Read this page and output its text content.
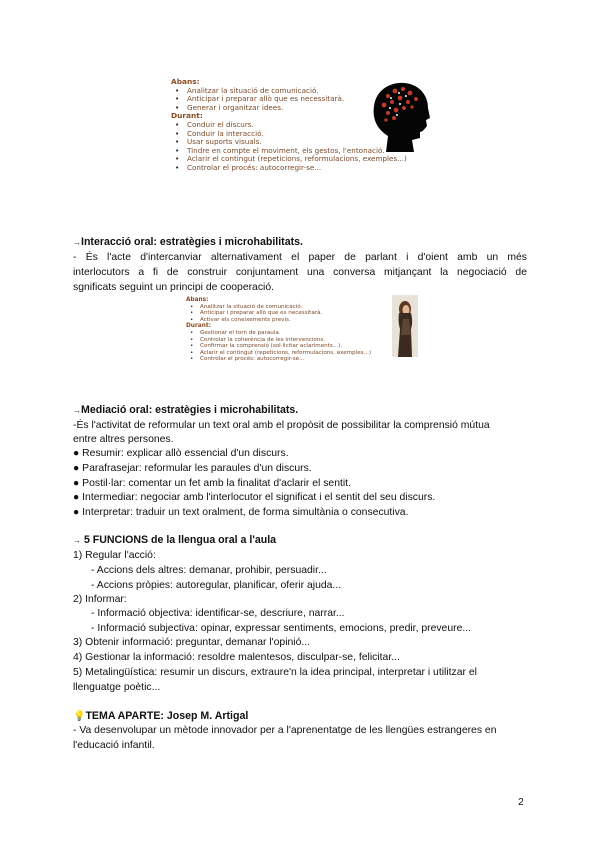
Abans:
• Analitzar la situació de comunicació.
• Anticipar i preparar allò que es necessitarà.
• Generar i organitzar idees.
Durant:
• Conduir el discurs.
• Conduir la interacció.
• Usar suports visuals.
• Tindre en compte el moviment, els gestos, l'entonació.
• Aclarir el contingut (repeticions, reformulacions, exemples...)
• Controlar el procés: autocorregir-se...
→Interacció oral: estratègies i microhabilitats.
- És l'acte d'intercanviar alternativament el paper de parlant i d'oient amb un més
interlocutors a fi de construir conjuntament una conversa mitjançant la negociació de
sgnificats seguint un principi de cooperació.
Abans:
• Analitzar la situació de comunicació.
• Anticipar i preparar allò que es necessitarà.
• Activar els coneixements previs.
Durant:
• Gestionar el torn de paraula.
• Controlar la coherència de les intervencions.
• Confirmar la comprensió (sol·licitar aclariments...).
• Aclarir el contingut (repeticions, reformulacions, exemples...)
• Controlar el procés: autocorregir-se...
→Mediació oral: estratègies i microhabilitats.
-És l'activitat de reformular un text oral amb el propòsit de possibilitar la comprensió mútua
entre altres persones.
● Resumir: explicar allò essencial d'un discurs.
● Parafrasejar: reformular les paraules d'un discurs.
● Postil·lar: comentar un fet amb la finalitat d'aclarir el sentit.
● Intermediar: negociar amb l'interlocutor el significat i el sentit del seu discurs.
● Interpretar: traduir un text oralment, de forma simultània o consecutiva.
→ 5 FUNCIONS de la llengua oral a l'aula
1) Regular l'acció:
- Accions dels altres: demanar, prohibir, persuadir...
- Accions pròpies: autoregular, planificar, oferir ajuda...
2) Informar:
- Informació objectiva: identificar-se, descriure, narrar...
- Informació subjectiva: opinar, expressar sentiments, emocions, predir, preveure...
3) Obtenir informació: preguntar, demanar l'opinió...
4) Gestionar la informació: resoldre malentesos, disculpar-se, felicitar...
5) Metalingüística: resumir un discurs, extraure'n la idea principal, interpretar i utilitzar el
llenguatge poètic...
💡TEMA APARTE: Josep M. Artigal
- Va desenvolupar un mètode innovador per a l'aprenentatge de les llengües estrangeres en
l'educació infantil.
2
